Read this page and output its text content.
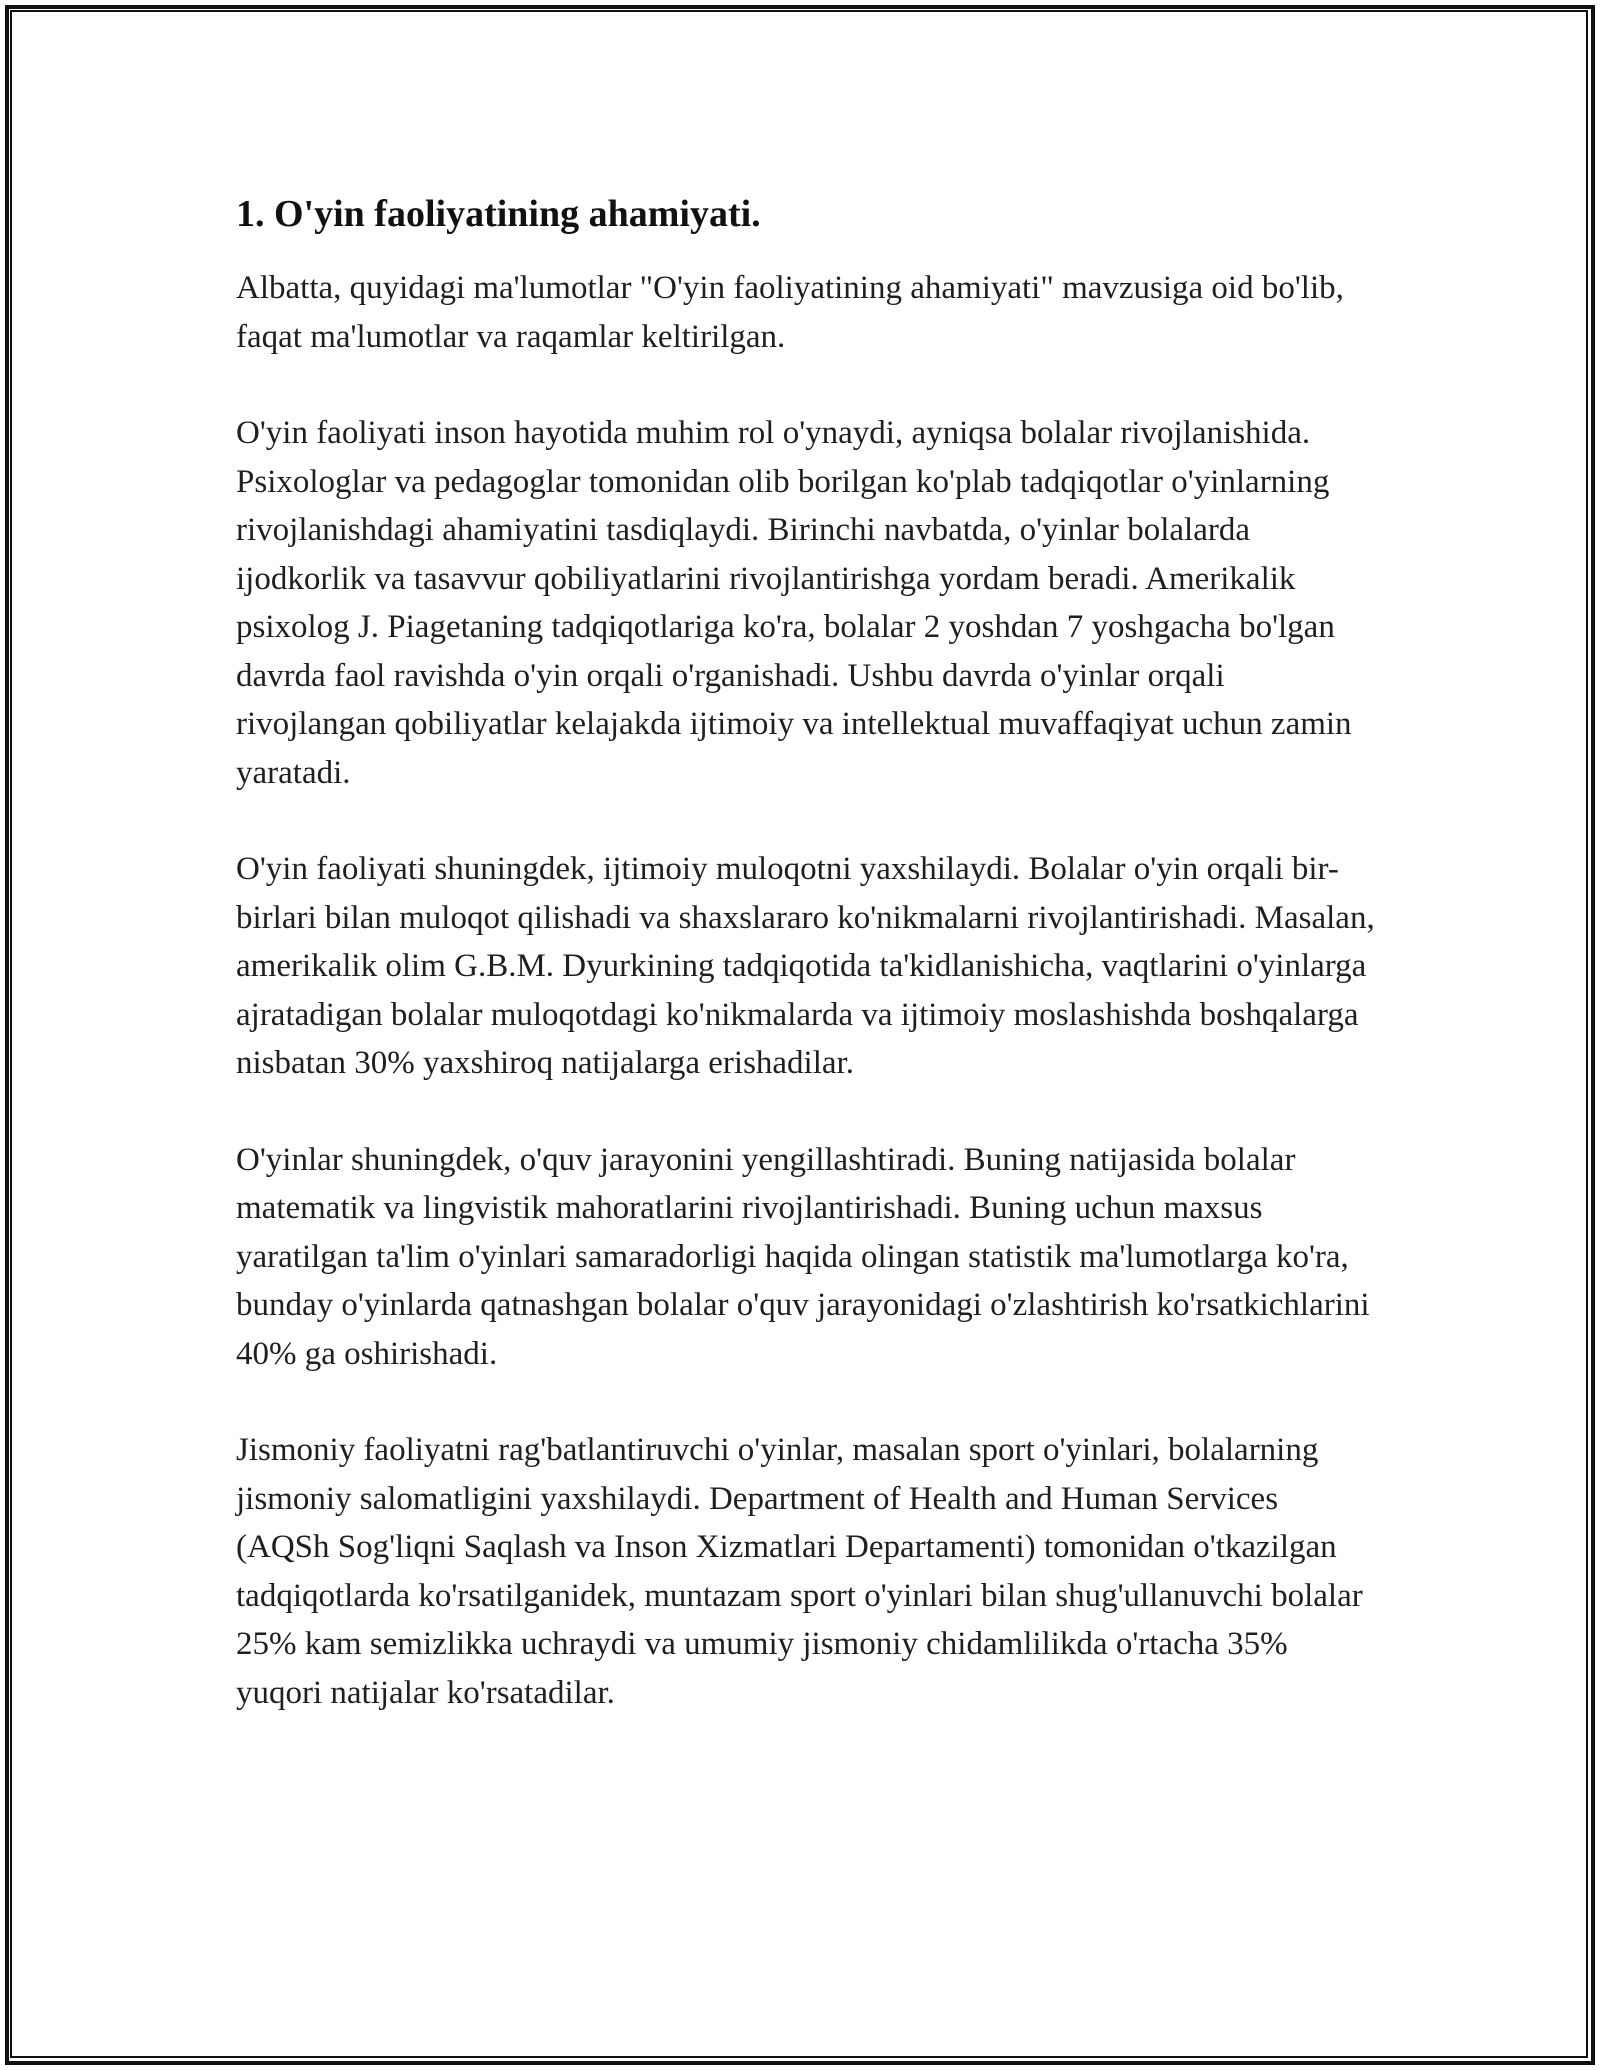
1. O'yin faoliyatining ahamiyati.

Albatta, quyidagi ma'lumotlar "O'yin faoliyatining ahamiyati" mavzusiga oid bo'lib, faqat ma'lumotlar va raqamlar keltirilgan.

O'yin faoliyati inson hayotida muhim rol o'ynaydi, ayniqsa bolalar rivojlanishida. Psixologlar va pedagoglar tomonidan olib borilgan ko'plab tadqiqotlar o'yinlarning rivojlanishdagi ahamiyatini tasdiqlaydi. Birinchi navbatda, o'yinlar bolalarda ijodkorlik va tasavvur qobiliyatlarini rivojlantirishga yordam beradi. Amerikalik psixolog J. Piagetaning tadqiqotlariga ko'ra, bolalar 2 yoshdan 7 yoshgacha bo'lgan davrda faol ravishda o'yin orqali o'rganishadi. Ushbu davrda o'yinlar orqali rivojlangan qobiliyatlar kelajakda ijtimoiy va intellektual muvaffaqiyat uchun zamin yaratadi.

O'yin faoliyati shuningdek, ijtimoiy muloqotni yaxshilaydi. Bolalar o'yin orqali bir-birlari bilan muloqot qilishadi va shaxslararo ko'nikmalarni rivojlantirishadi. Masalan, amerikalik olim G.B.M. Dyurkining tadqiqotida ta'kidlanishicha, vaqtlarini o'yinlarga ajratadigan bolalar muloqotdagi ko'nikmalarda va ijtimoiy moslashishda boshqalarga nisbatan 30% yaxshiroq natijalarga erishadilar.

O'yinlar shuningdek, o'quv jarayonini yengillashtiradi. Buning natijasida bolalar matematik va lingvistik mahoratlarini rivojlantirishadi. Buning uchun maxsus yaratilgan ta'lim o'yinlari samaradorligi haqida olingan statistik ma'lumotlarga ko'ra, bunday o'yinlarda qatnashgan bolalar o'quv jarayonidagi o'zlashtirish ko'rsatkichlarini 40% ga oshirishadi.

Jismoniy faoliyatni rag'batlantiruvchi o'yinlar, masalan sport o'yinlari, bolalarning jismoniy salomatligini yaxshilaydi. Department of Health and Human Services (AQSh Sog'liqni Saqlash va Inson Xizmatlari Departamenti) tomonidan o'tkazilgan tadqiqotlarda ko'rsatilganidek, muntazam sport o'yinlari bilan shug'ullanuvchi bolalar 25% kam semizlikka uchraydi va umumiy jismoniy chidamlilikda o'rtacha 35% yuqori natijalar ko'rsatadilar.
